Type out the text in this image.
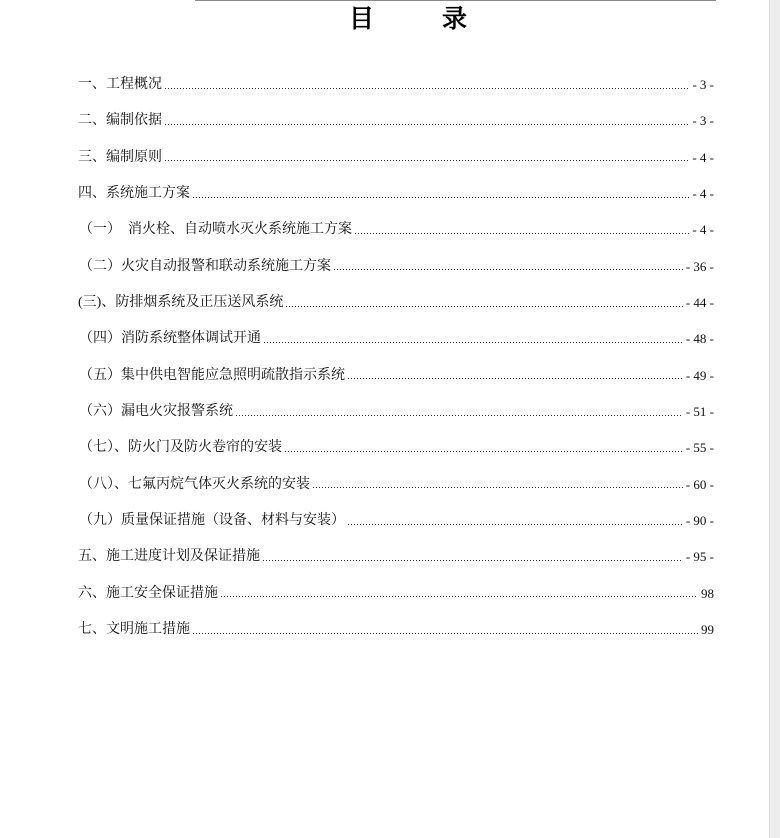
目　　录
一、工程概况	- 3 -
二、编制依据	- 3 -
三、编制原则	- 4 -
四、系统施工方案	- 4 -
（一）　消火栓、自动喷水灭火系统施工方案	- 4 -
（二）火灾自动报警和联动系统施工方案	- 36 -
(三)、防排烟系统及正压送风系统	- 44 -
（四）消防系统整体调试开通	- 48 -
（五）集中供电智能应急照明疏散指示系统	- 49 -
（六）漏电火灾报警系统	- 51 -
（七）、防火门及防火卷帘的安装	- 55 -
（八）、七氟丙烷气体灭火系统的安装	- 60 -
（九）质量保证措施（设备、材料与安装）	- 90 -
五、施工进度计划及保证措施	- 95 -
六、施工安全保证措施	98
七、文明施工措施	99
